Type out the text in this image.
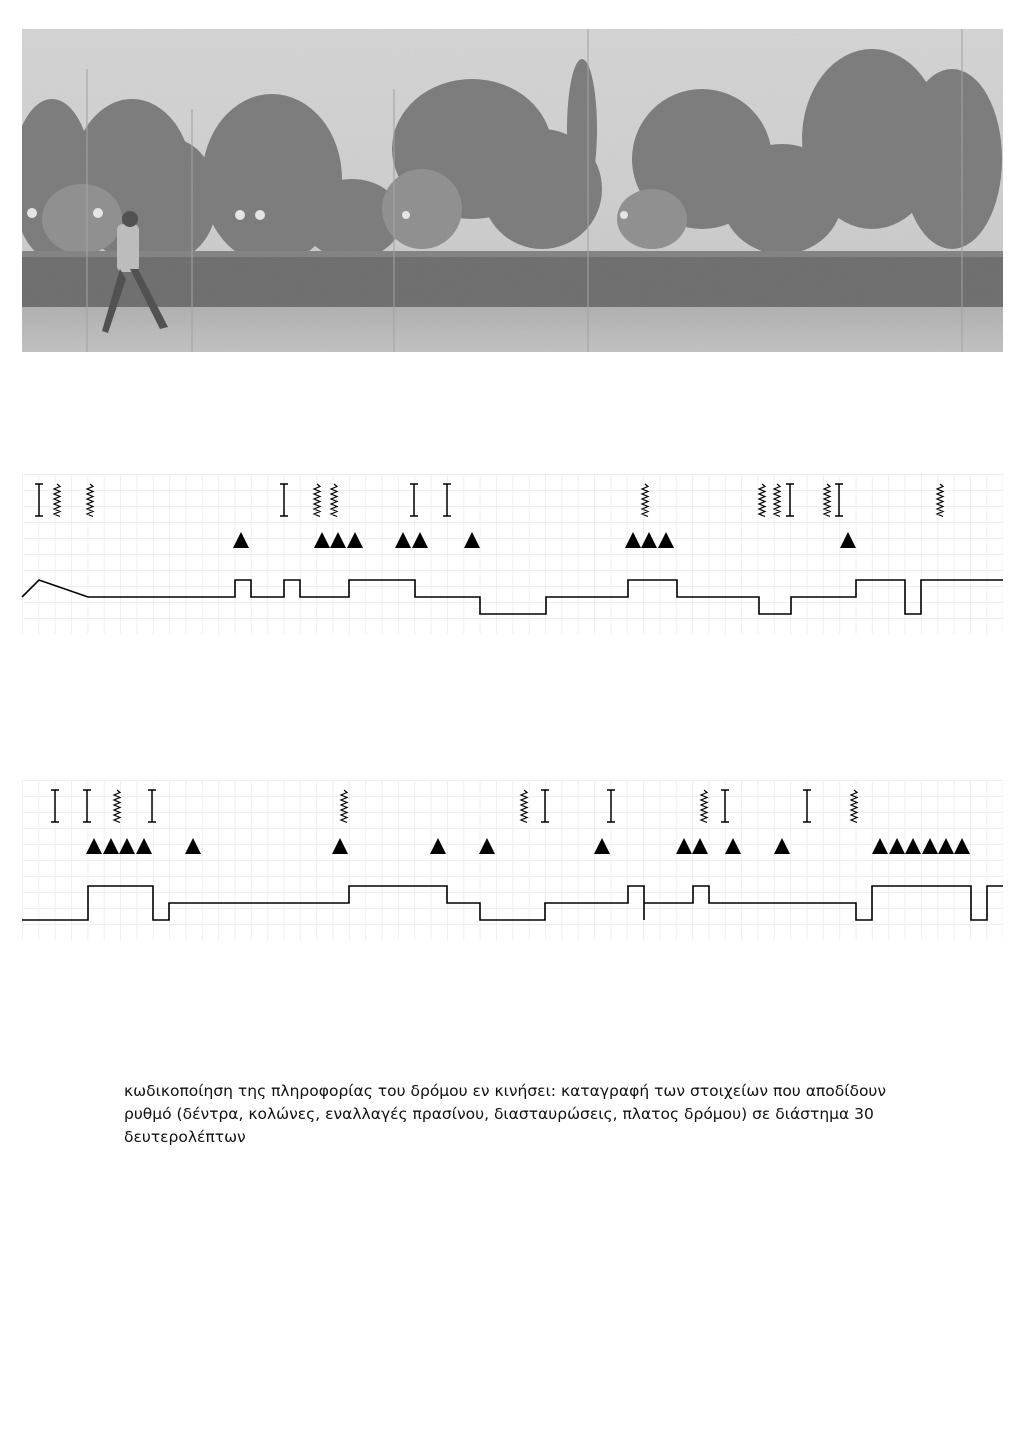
κωδικοποίηση της πληροφορίας του δρόμου εν κινήσει: καταγραφή των στοιχείων που αποδίδουν ρυθμό (δέντρα, κολώνες, εναλλαγές πρασίνου, διασταυρώσεις, πλατος δρόμου) σε διάστημα 30 δευτερολέπτων
